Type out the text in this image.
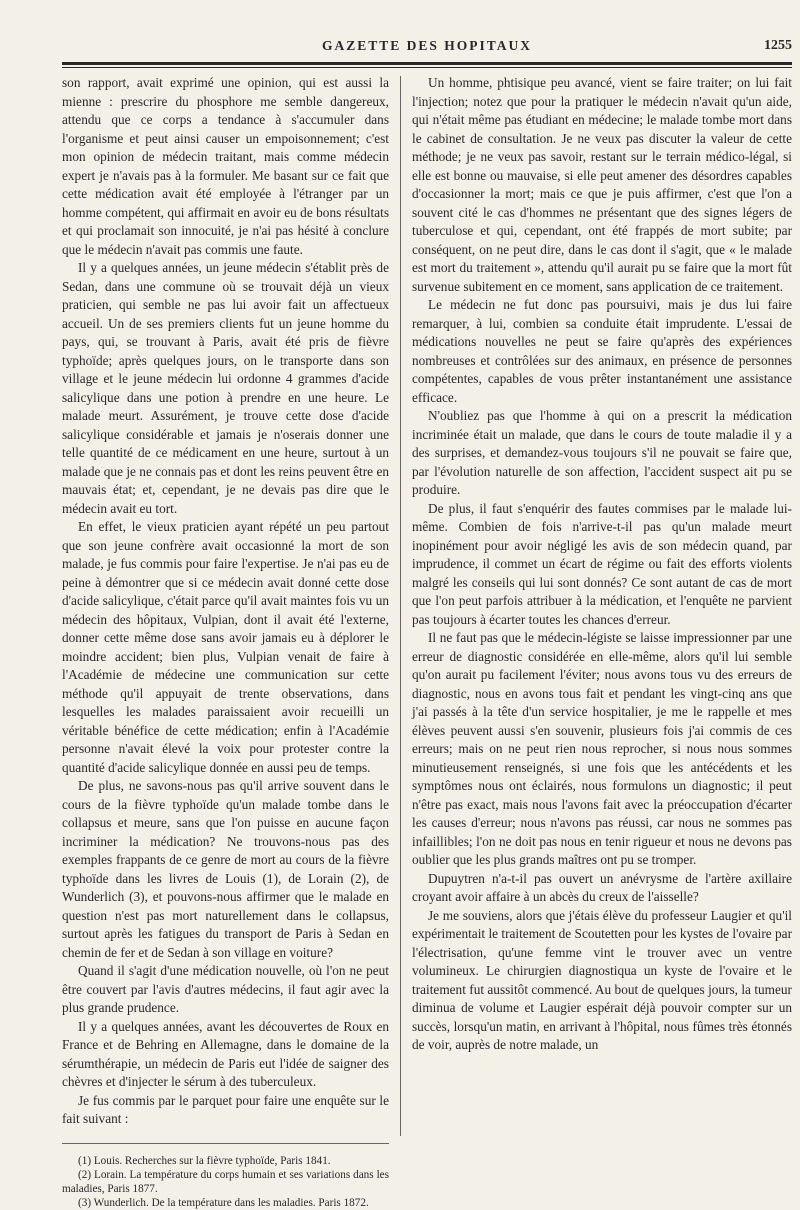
GAZETTE DES HOPITAUX	1255

son rapport, avait exprimé une opinion, qui est aussi la mienne : prescrire du phosphore me semble dangereux, attendu que ce corps a tendance à s'accumuler dans l'organisme et peut ainsi causer un empoisonnement; c'est mon opinion de médecin traitant, mais comme médecin expert je n'avais pas à la formuler. Me basant sur ce fait que cette médication avait été employée à l'étranger par un homme compétent, qui affirmait en avoir eu de bons résultats et qui proclamait son innocuité, je n'ai pas hésité à conclure que le médecin n'avait pas commis une faute.

Il y a quelques années, un jeune médecin s'établit près de Sedan, dans une commune où se trouvait déjà un vieux praticien, qui semble ne pas lui avoir fait un affectueux accueil. Un de ses premiers clients fut un jeune homme du pays, qui, se trouvant à Paris, avait été pris de fièvre typhoïde; après quelques jours, on le transporte dans son village et le jeune médecin lui ordonne 4 grammes d'acide salicylique dans une potion à prendre en une heure. Le malade meurt. Assurément, je trouve cette dose d'acide salicylique considérable et jamais je n'oserais donner une telle quantité de ce médicament en une heure, surtout à un malade que je ne connais pas et dont les reins peuvent être en mauvais état; et, cependant, je ne devais pas dire que le médecin avait eu tort.

En effet, le vieux praticien ayant répété un peu partout que son jeune confrère avait occasionné la mort de son malade, je fus commis pour faire l'expertise. Je n'ai pas eu de peine à démontrer que si ce médecin avait donné cette dose d'acide salicylique, c'était parce qu'il avait maintes fois vu un médecin des hôpitaux, Vulpian, dont il avait été l'externe, donner cette même dose sans avoir jamais eu à déplorer le moindre accident; bien plus, Vulpian venait de faire à l'Académie de médecine une communication sur cette méthode qu'il appuyait de trente observations, dans lesquelles les malades paraissaient avoir recueilli un véritable bénéfice de cette médication; enfin à l'Académie personne n'avait élevé la voix pour protester contre la quantité d'acide salicylique donnée en aussi peu de temps.

De plus, ne savons-nous pas qu'il arrive souvent dans le cours de la fièvre typhoïde qu'un malade tombe dans le collapsus et meure, sans que l'on puisse en aucune façon incriminer la médication? Ne trouvons-nous pas des exemples frappants de ce genre de mort au cours de la fièvre typhoïde dans les livres de Louis (1), de Lorain (2), de Wunderlich (3), et pouvons-nous affirmer que le malade en question n'est pas mort naturellement dans le collapsus, surtout après les fatigues du transport de Paris à Sedan en chemin de fer et de Sedan à son village en voiture?

Quand il s'agit d'une médication nouvelle, où l'on ne peut être couvert par l'avis d'autres médecins, il faut agir avec la plus grande prudence.

Il y a quelques années, avant les découvertes de Roux en France et de Behring en Allemagne, dans le domaine de la sérumthérapie, un médecin de Paris eut l'idée de saigner des chèvres et d'injecter le sérum à des tuberculeux.

Je fus commis par le parquet pour faire une enquête sur le fait suivant :

(1) Louis. Recherches sur la fièvre typhoïde, Paris 1841.

(2) Lorain. La température du corps humain et ses variations dans les maladies, Paris 1877.

(3) Wunderlich. De la température dans les maladies. Paris 1872.

Un homme, phtisique peu avancé, vient se faire traiter; on lui fait l'injection; notez que pour la pratiquer le médecin n'avait qu'un aide, qui n'était même pas étudiant en médecine; le malade tombe mort dans le cabinet de consultation. Je ne veux pas discuter la valeur de cette méthode; je ne veux pas savoir, restant sur le terrain médico-légal, si elle est bonne ou mauvaise, si elle peut amener des désordres capables d'occasionner la mort; mais ce que je puis affirmer, c'est que l'on a souvent cité le cas d'hommes ne présentant que des signes légers de tuberculose et qui, cependant, ont été frappés de mort subite; par conséquent, on ne peut dire, dans le cas dont il s'agit, que « le malade est mort du traitement », attendu qu'il aurait pu se faire que la mort fût survenue subitement en ce moment, sans application de ce traitement.

Le médecin ne fut donc pas poursuivi, mais je dus lui faire remarquer, à lui, combien sa conduite était imprudente. L'essai de médications nouvelles ne peut se faire qu'après des expériences nombreuses et contrôlées sur des animaux, en présence de personnes compétentes, capables de vous prêter instantanément une assistance efficace.

N'oubliez pas que l'homme à qui on a prescrit la médication incriminée était un malade, que dans le cours de toute maladie il y a des surprises, et demandez-vous toujours s'il ne pouvait se faire que, par l'évolution naturelle de son affection, l'accident suspect ait pu se produire.

De plus, il faut s'enquérir des fautes commises par le malade lui-même. Combien de fois n'arrive-t-il pas qu'un malade meurt inopinément pour avoir négligé les avis de son médecin quand, par imprudence, il commet un écart de régime ou fait des efforts violents malgré les conseils qui lui sont donnés? Ce sont autant de cas de mort que l'on peut parfois attribuer à la médication, et l'enquête ne parvient pas toujours à écarter toutes les chances d'erreur.

Il ne faut pas que le médecin-légiste se laisse impressionner par une erreur de diagnostic considérée en elle-même, alors qu'il lui semble qu'on aurait pu facilement l'éviter; nous avons tous vu des erreurs de diagnostic, nous en avons tous fait et pendant les vingt-cinq ans que j'ai passés à la tête d'un service hospitalier, je me le rappelle et mes élèves peuvent aussi s'en souvenir, plusieurs fois j'ai commis de ces erreurs; mais on ne peut rien nous reprocher, si nous nous sommes minutieusement renseignés, si une fois que les antécédents et les symptômes nous ont éclairés, nous formulons un diagnostic; il peut n'être pas exact, mais nous l'avons fait avec la préoccupation d'écarter les causes d'erreur; nous n'avons pas réussi, car nous ne sommes pas infaillibles; l'on ne doit pas nous en tenir rigueur et nous ne devons pas oublier que les plus grands maîtres ont pu se tromper.

Dupuytren n'a-t-il pas ouvert un anévrysme de l'artère axillaire croyant avoir affaire à un abcès du creux de l'aisselle?

Je me souviens, alors que j'étais élève du professeur Laugier et qu'il expérimentait le traitement de Scoutetten pour les kystes de l'ovaire par l'électrisation, qu'une femme vint le trouver avec un ventre volumineux. Le chirurgien diagnostiqua un kyste de l'ovaire et le traitement fut aussitôt commencé. Au bout de quelques jours, la tumeur diminua de volume et Laugier espérait déjà pouvoir compter sur un succès, lorsqu'un matin, en arrivant à l'hôpital, nous fûmes très étonnés de voir, auprès de notre malade, un
